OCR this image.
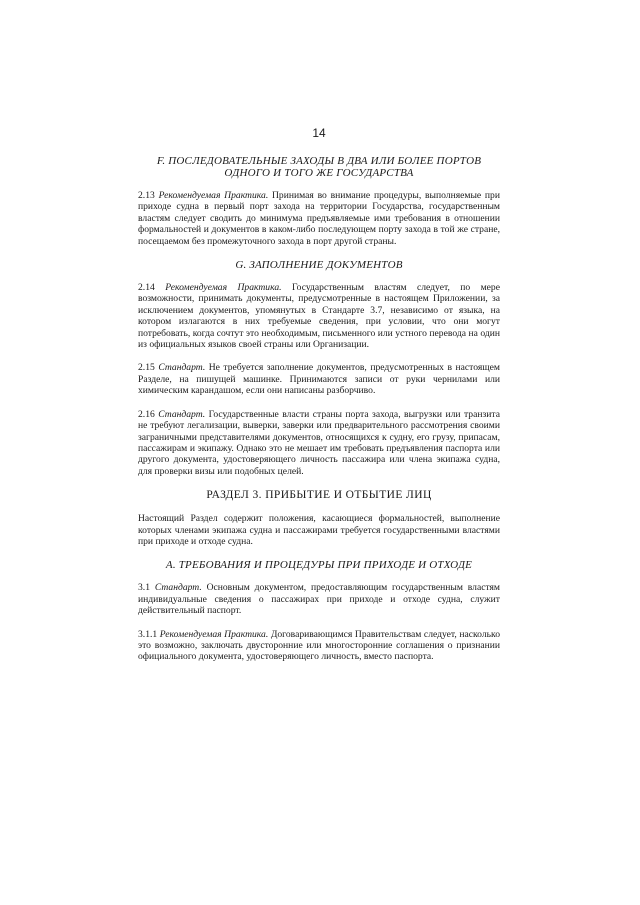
14
F. ПОСЛЕДОВАТЕЛЬНЫЕ ЗАХОДЫ В ДВА ИЛИ БОЛЕЕ ПОРТОВ ОДНОГО И ТОГО ЖЕ ГОСУДАРСТВА

2.13 Рекомендуемая Практика. Принимая во внимание процедуры, выполняемые при приходе судна в первый порт захода на территории Государства, государственным властям следует сводить до минимума предъявляемые ими требования в отношении формальностей и документов в каком-либо последующем порту захода в той же стране, посещаемом без промежуточного захода в порт другой страны.

G. ЗАПОЛНЕНИЕ ДОКУМЕНТОВ

2.14 Рекомендуемая Практика. Государственным властям следует, по мере возможности, принимать документы, предусмотренные в настоящем Приложении, за исключением документов, упомянутых в Стандарте 3.7, независимо от языка, на котором излагаются в них требуемые сведения, при условии, что они могут потребовать, когда сочтут это необходимым, письменного или устного перевода на один из официальных языков своей страны или Организации.

2.15 Стандарт. Не требуется заполнение документов, предусмотренных в настоящем Разделе, на пишущей машинке. Принимаются записи от руки чернилами или химическим карандашом, если они написаны разборчиво.

2.16 Стандарт. Государственные власти страны порта захода, выгрузки или транзита не требуют легализации, выверки, заверки или предварительного рассмотрения своими заграничными представителями документов, относящихся к судну, его грузу, припасам, пассажирам и экипажу. Однако это не мешает им требовать предъявления паспорта или другого документа, удостоверяющего личность пассажира или члена экипажа судна, для проверки визы или подобных целей.

РАЗДЕЛ 3. ПРИБЫТИЕ И ОТБЫТИЕ ЛИЦ

Настоящий Раздел содержит положения, касающиеся формальностей, выполнение которых членами экипажа судна и пассажирами требуется государственными властями при приходе и отходе судна.

A. ТРЕБОВАНИЯ И ПРОЦЕДУРЫ ПРИ ПРИХОДЕ И ОТХОДЕ

3.1 Стандарт. Основным документом, предоставляющим государственным властям индивидуальные сведения о пассажирах при приходе и отходе судна, служит действительный паспорт.

3.1.1 Рекомендуемая Практика. Договаривающимся Правительствам следует, насколько это возможно, заключать двусторонние или многосторонние соглашения о признании официального документа, удостоверяющего личность, вместо паспорта.
